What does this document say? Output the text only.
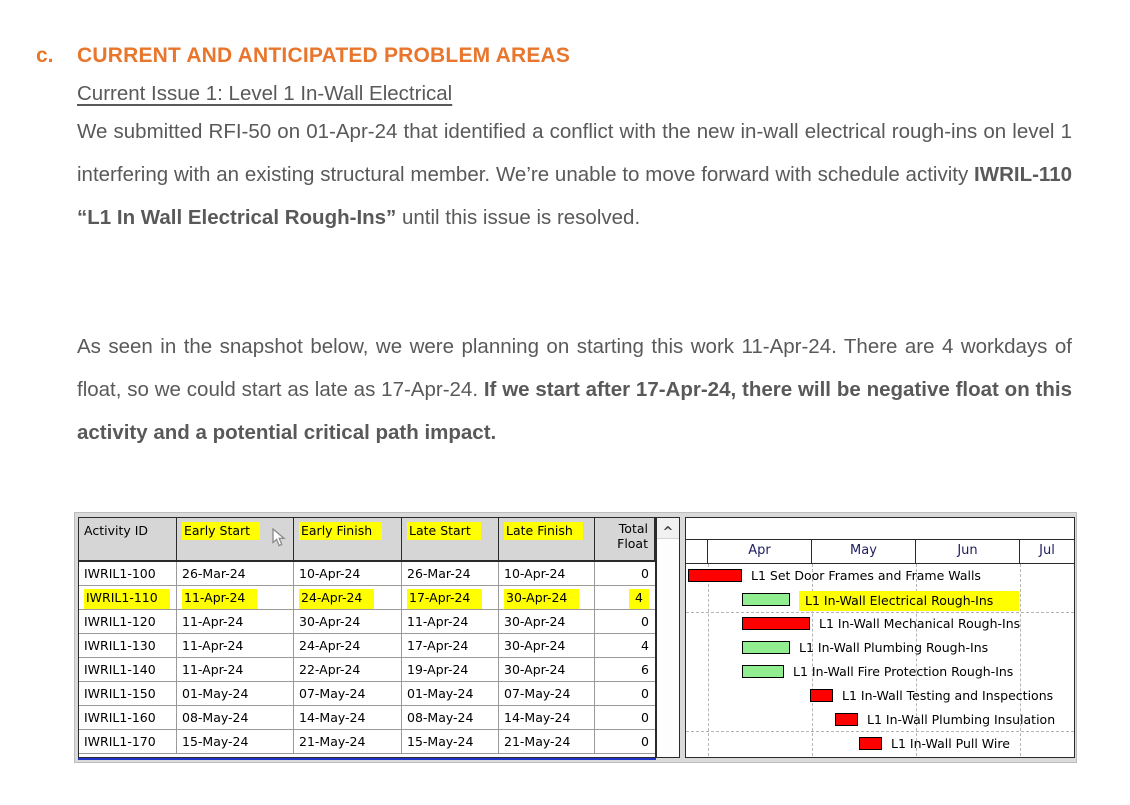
c. CURRENT AND ANTICIPATED PROBLEM AREAS
Current Issue 1: Level 1 In-Wall Electrical
We submitted RFI-50 on 01-Apr-24 that identified a conflict with the new in-wall electrical rough-ins on level 1 interfering with an existing structural member. We’re unable to move forward with schedule activity IWRIL-110 “L1 In Wall Electrical Rough-Ins” until this issue is resolved.
As seen in the snapshot below, we were planning on starting this work 11-Apr-24. There are 4 workdays of float, so we could start as late as 17-Apr-24. If we start after 17-Apr-24, there will be negative float on this activity and a potential critical path impact.
Activity ID	Early Start	Early Finish	Late Start	Late Finish	Total
Float
IWRIL1-100	26-Mar-24	10-Apr-24	26-Mar-24	10-Apr-24	0
IWRIL1-110	11-Apr-24	24-Apr-24	17-Apr-24	30-Apr-24	4
IWRIL1-120	11-Apr-24	30-Apr-24	11-Apr-24	30-Apr-24	0
IWRIL1-130	11-Apr-24	24-Apr-24	17-Apr-24	30-Apr-24	4
IWRIL1-140	11-Apr-24	22-Apr-24	19-Apr-24	30-Apr-24	6
IWRIL1-150	01-May-24	07-May-24	01-May-24	07-May-24	0
IWRIL1-160	08-May-24	14-May-24	08-May-24	14-May-24	0
IWRIL1-170	15-May-24	21-May-24	15-May-24	21-May-24	0
^
Apr	May	Jun	Jul
L1 Set Door Frames and Frame Walls
L1 In-Wall Electrical Rough-Ins
L1 In-Wall Mechanical Rough-Ins
L1 In-Wall Plumbing Rough-Ins
L1 In-Wall Fire Protection Rough-Ins
L1 In-Wall Testing and Inspections
L1 In-Wall Plumbing Insulation
L1 In-Wall Pull Wire
